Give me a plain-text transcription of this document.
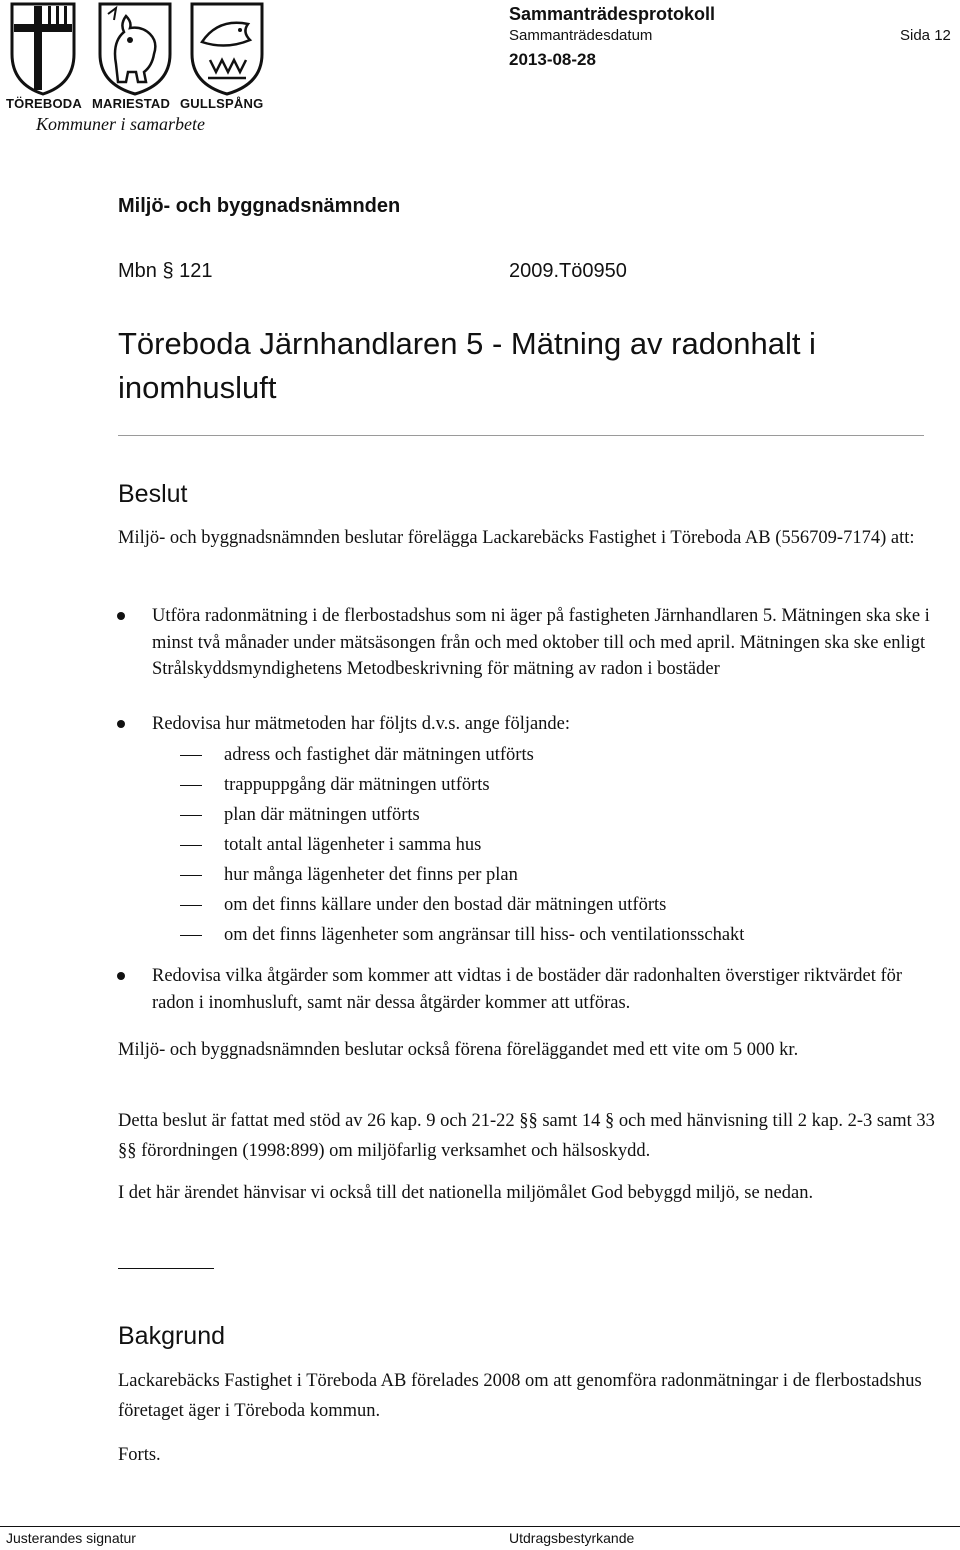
TÖREBODA MARIESTAD GULLSPÅNG
Kommuner i samarbete
Sammanträdesprotokoll
Sammanträdesdatum	Sida 12
2013-08-28
Miljö- och byggnadsnämnden
Mbn § 121	2009.Tö0950
Töreboda Järnhandlaren 5 - Mätning av radonhalt i inomhusluft
Beslut
Miljö- och byggnadsnämnden beslutar förelägga Lackarebäcks Fastighet i Töreboda AB (556709-7174) att:
Utföra radonmätning i de flerbostadshus som ni äger på fastigheten Järnhandlaren 5. Mätningen ska ske i minst två månader under mätsäsongen från och med oktober till och med april. Mätningen ska ske enligt Strålskyddsmyndighetens Metodbeskrivning för mätning av radon i bostäder
Redovisa hur mätmetoden har följts d.v.s. ange följande:
adress och fastighet där mätningen utförts
trappuppgång där mätningen utförts
plan där mätningen utförts
totalt antal lägenheter i samma hus
hur många lägenheter det finns per plan
om det finns källare under den bostad där mätningen utförts
om det finns lägenheter som angränsar till hiss- och ventilationsschakt
Redovisa vilka åtgärder som kommer att vidtas i de bostäder där radonhalten överstiger riktvärdet för radon i inomhusluft, samt när dessa åtgärder kommer att utföras.
Miljö- och byggnadsnämnden beslutar också förena föreläggandet med ett vite om 5 000 kr.
Detta beslut är fattat med stöd av 26 kap. 9 och 21-22 §§ samt 14 § och med hänvisning till 2 kap. 2-3 samt 33 §§ förordningen (1998:899) om miljöfarlig verksamhet och hälsoskydd.
I det här ärendet hänvisar vi också till det nationella miljömålet God bebyggd miljö, se nedan.
Bakgrund
Lackarebäcks Fastighet i Töreboda AB förelades 2008 om att genomföra radonmätningar i de flerbostadshus företaget äger i Töreboda kommun.
Forts.
Justerandes signatur	Utdragsbestyrkande
